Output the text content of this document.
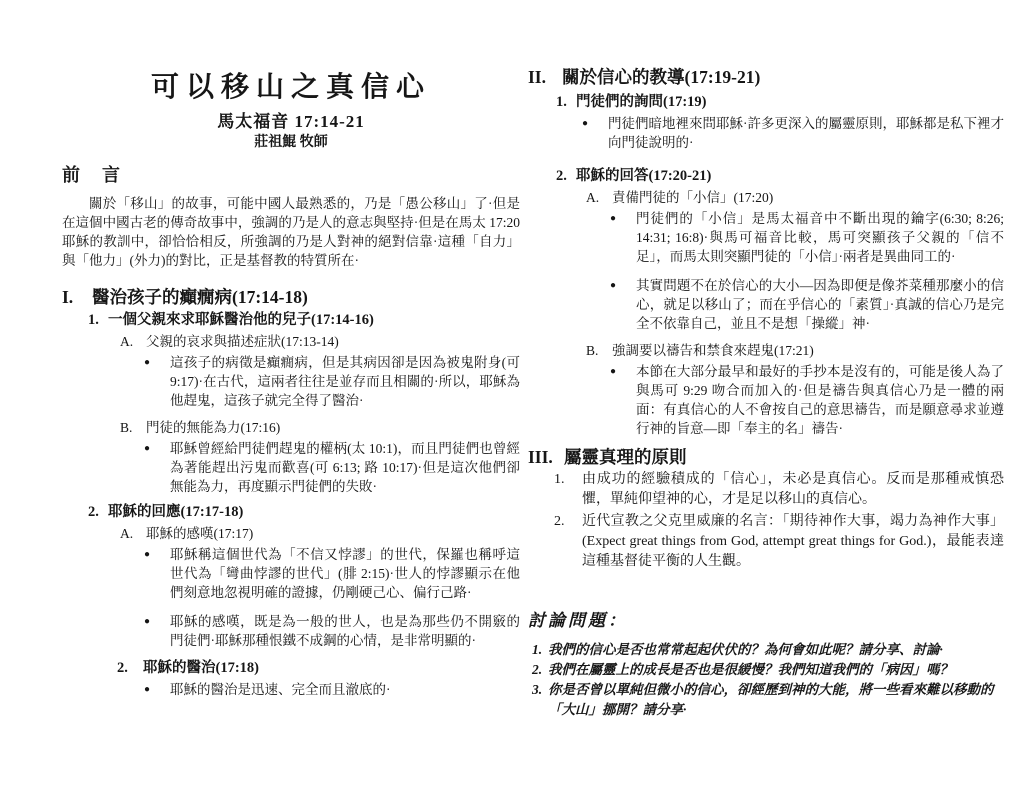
可以移山之真信心
馬太福音 17:14-21
莊祖鯤 牧師
前　言
關於「移山」的故事，可能中國人最熟悉的，乃是「愚公移山」了·但是在這個中國古老的傳奇故事中，強調的乃是人的意志與堅持·但是在馬太 17:20 耶穌的教訓中，卻恰恰相反，所強調的乃是人對神的絕對信靠·這種「自力」與「他力」(外力)的對比，正是基督教的特質所在·
I.	醫治孩子的癲癇病(17:14-18)
1. 一個父親來求耶穌醫治他的兒子(17:14-16)
A. 父親的哀求與描述症狀(17:13-14)
●	這孩子的病徵是癲癇病，但是其病因卻是因為被鬼附身(可 9:17)·在古代，這兩者往往是並存而且相關的·所以，耶穌為他趕鬼，這孩子就完全得了醫治·
B.	門徒的無能為力(17:16)
●	耶穌曾經給門徒們趕鬼的權柄(太 10:1)，而且門徒們也曾經為著能趕出污鬼而歡喜(可 6:13; 路 10:17)·但是這次他們卻無能為力，再度顯示門徒們的失敗·
2. 耶穌的回應(17:17-18)
A. 耶穌的感嘆(17:17)
●	耶穌稱這個世代為「不信又悖謬」的世代，保羅也稱呼這世代為「彎曲悖謬的世代」(腓 2:15)·世人的悖謬顯示在他們刻意地忽視明確的證據，仍剛硬己心、偏行己路·
●	耶穌的感嘆，既是為一般的世人，也是為那些仍不開竅的門徒們·耶穌那種恨鐵不成鋼的心情，是非常明顯的·
2.	耶穌的醫治(17:18)
●	耶穌的醫治是迅速、完全而且澈底的·
II. 關於信心的教導(17:19-21)
1. 門徒們的詢問(17:19)
●	門徒們暗地裡來問耶穌·許多更深入的屬靈原則，耶穌都是私下裡才向門徒說明的·
2. 耶穌的回答(17:20-21)
A. 責備門徒的「小信」(17:20)
●	門徒們的「小信」是馬太福音中不斷出現的鑰字(6:30; 8:26; 14:31; 16:8)·與馬可福音比較，馬可突顯孩子父親的「信不足」，而馬太則突顯門徒的「小信」·兩者是異曲同工的·
●	其實問題不在於信心的大小—因為即便是像芥菜種那麼小的信心，就足以移山了；而在乎信心的「素質」·真誠的信心乃是完全不依靠自己，並且不是想「操縱」神·
B.	強調要以禱告和禁食來趕鬼(17:21)
●	本節在大部分最早和最好的手抄本是沒有的，可能是後人為了與馬可 9:29 吻合而加入的·但是禱告與真信心乃是一體的兩面：有真信心的人不會按自己的意思禱告，而是願意尋求並遵行神的旨意—即「奉主的名」禱告·
III. 屬靈真理的原則
1.	由成功的經驗積成的「信心」，未必是真信心。反而是那種戒慎恐懼，單純仰望神的心，才是足以移山的真信心。
2.	近代宣教之父克里威廉的名言：「期待神作大事，竭力為神作大事」(Expect great things from God, attempt great things for God.)，最能表達這種基督徒平衡的人生觀。
討論問題：
1. 我們的信心是否也常常起起伏伏的？為何會如此呢？請分享、討論·
2. 我們在屬靈上的成長是否也是很緩慢？我們知道我們的「病因」嗎？
3. 你是否曾以單純但微小的信心，卻經歷到神的大能，將一些看來難以移動的「大山」挪開？請分享·
